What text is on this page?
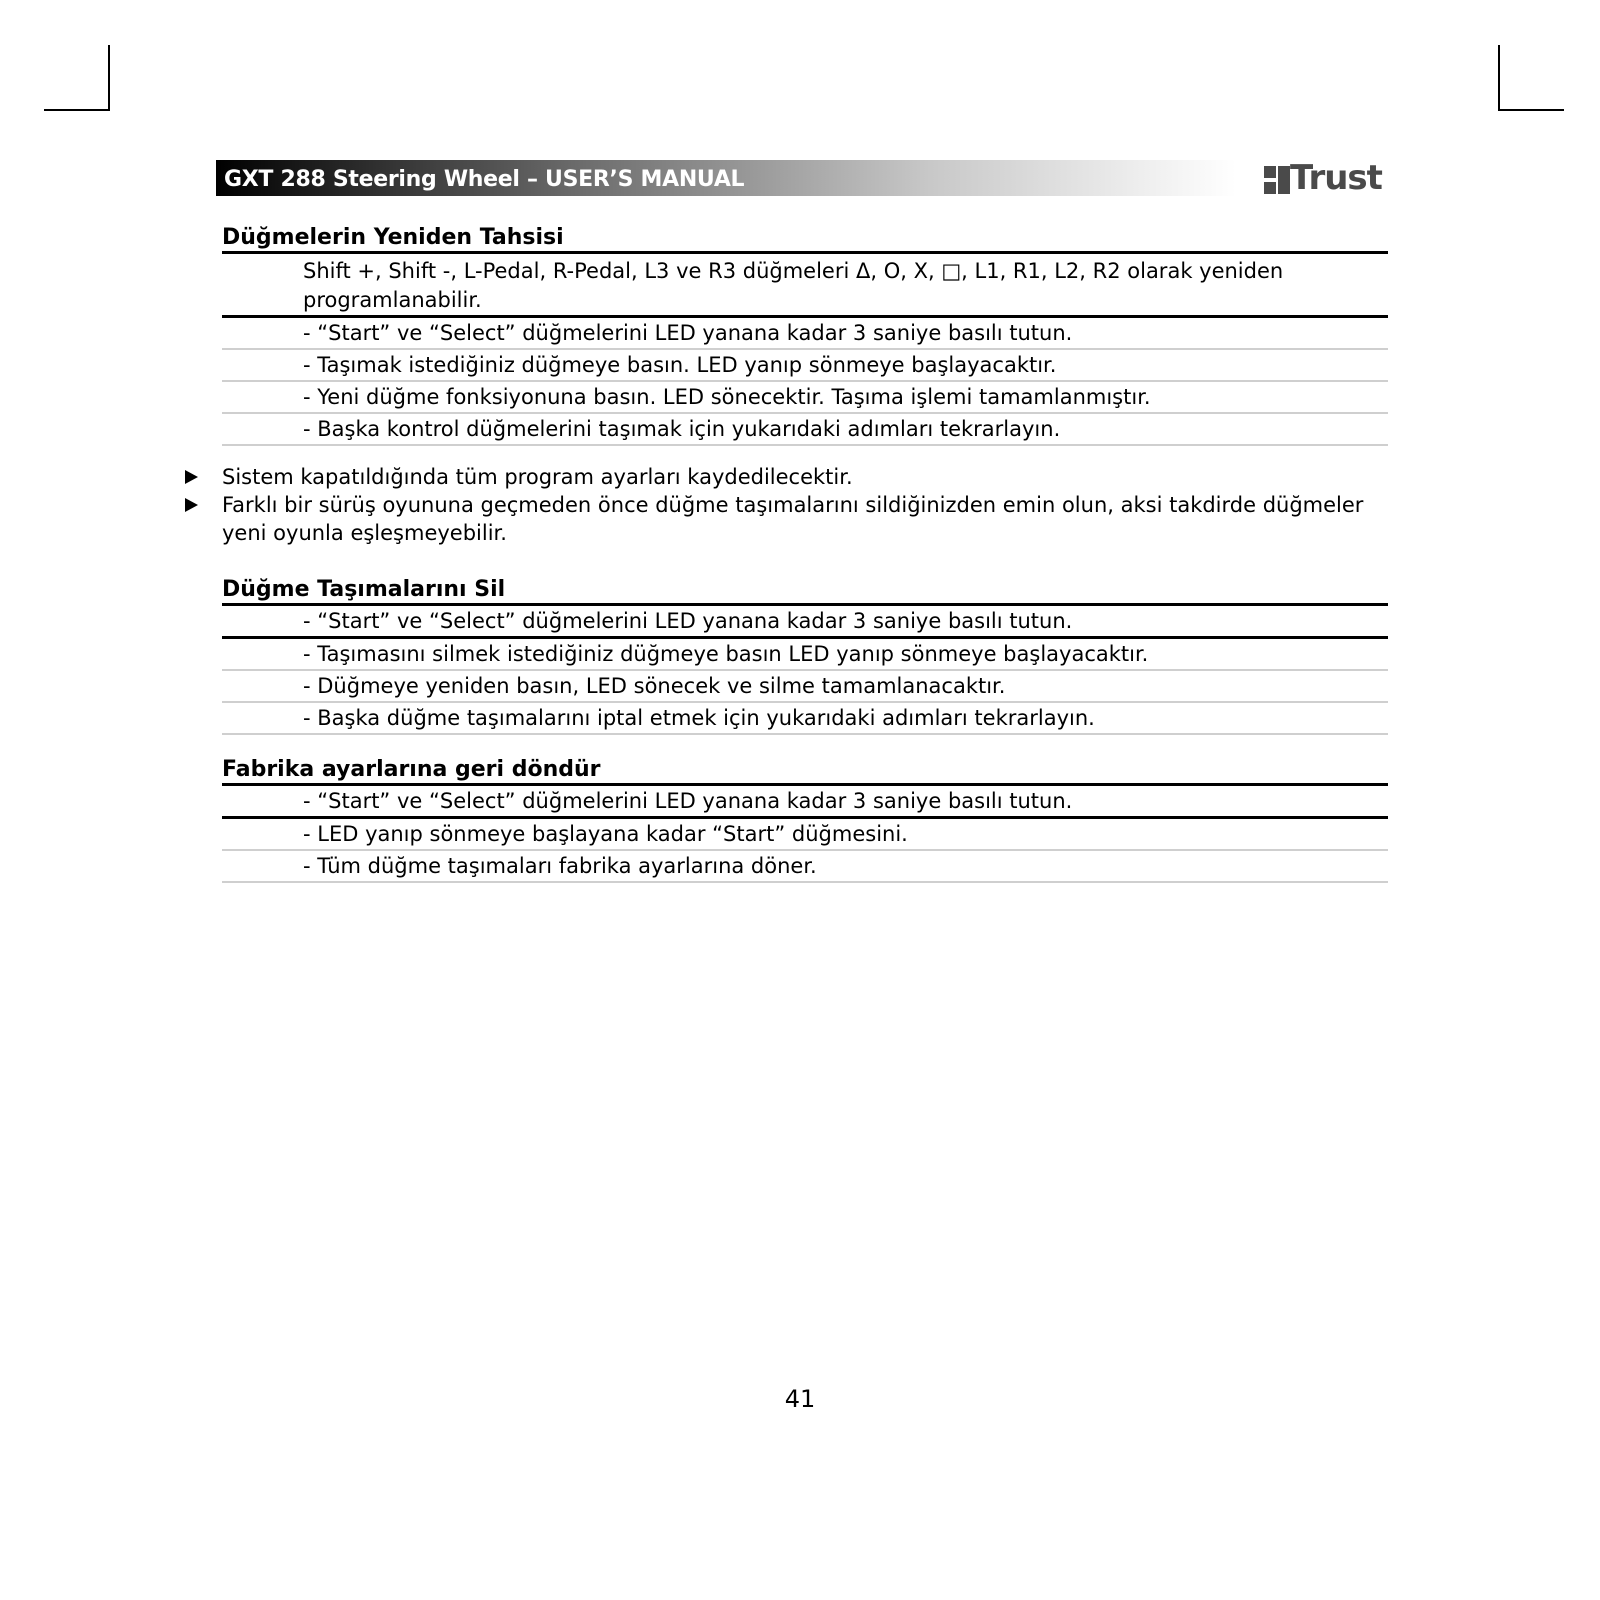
GXT 288 Steering Wheel – USER’S MANUAL	Trust
Düğmelerin Yeniden Tahsisi
Shift +, Shift -, L-Pedal, R-Pedal, L3 ve R3 düğmeleri Δ, O, X, □, L1, R1, L2, R2 olarak yeniden programlanabilir.
- “Start” ve “Select” düğmelerini LED yanana kadar 3 saniye basılı tutun.
- Taşımak istediğiniz düğmeye basın. LED yanıp sönmeye başlayacaktır.
- Yeni düğme fonksiyonuna basın. LED sönecektir. Taşıma işlemi tamamlanmıştır.
- Başka kontrol düğmelerini taşımak için yukarıdaki adımları tekrarlayın.
Sistem kapatıldığında tüm program ayarları kaydedilecektir.
Farklı bir sürüş oyununa geçmeden önce düğme taşımalarını sildiğinizden emin olun, aksi takdirde düğmeler yeni oyunla eşleşmeyebilir.
Düğme Taşımalarını Sil
- “Start” ve “Select” düğmelerini LED yanana kadar 3 saniye basılı tutun.
- Taşımasını silmek istediğiniz düğmeye basın LED yanıp sönmeye başlayacaktır.
- Düğmeye yeniden basın, LED sönecek ve silme tamamlanacaktır.
- Başka düğme taşımalarını iptal etmek için yukarıdaki adımları tekrarlayın.
Fabrika ayarlarına geri döndür
- “Start” ve “Select” düğmelerini LED yanana kadar 3 saniye basılı tutun.
- LED yanıp sönmeye başlayana kadar “Start” düğmesini.
- Tüm düğme taşımaları fabrika ayarlarına döner.
41
